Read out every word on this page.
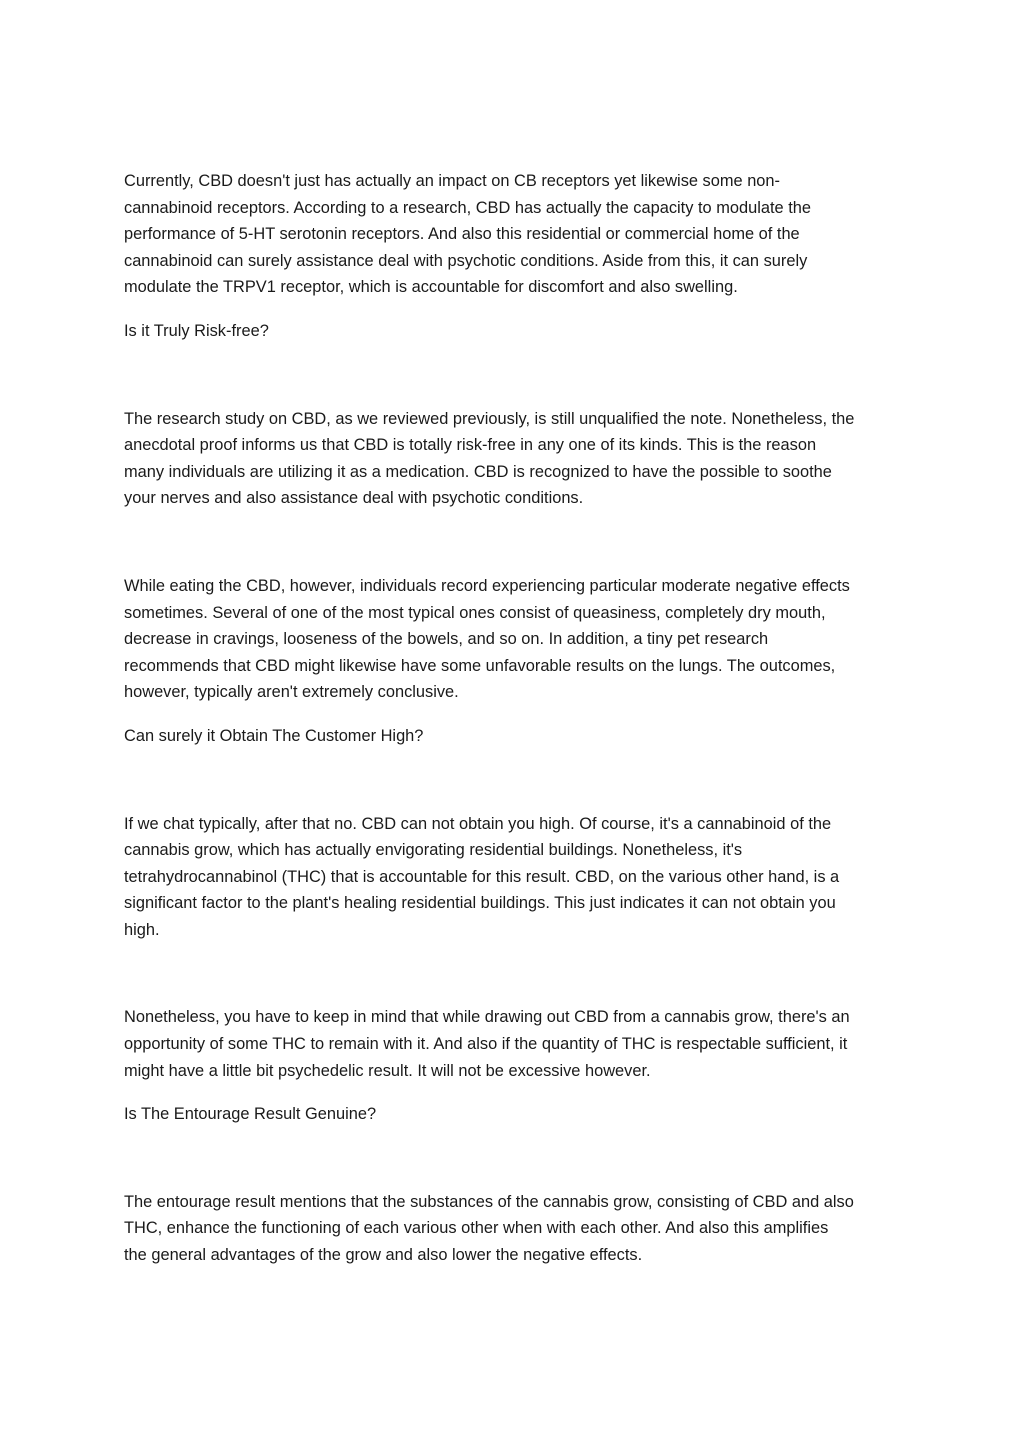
Currently, CBD doesn't just has actually an impact on CB receptors yet likewise some non-
cannabinoid receptors. According to a research, CBD has actually the capacity to modulate the
performance of 5-HT serotonin receptors. And also this residential or commercial home of the
cannabinoid can surely assistance deal with psychotic conditions. Aside from this, it can surely
modulate the TRPV1 receptor, which is accountable for discomfort and also swelling.

Is it Truly Risk-free?

The research study on CBD, as we reviewed previously, is still unqualified the note. Nonetheless, the
anecdotal proof informs us that CBD is totally risk-free in any one of its kinds. This is the reason
many individuals are utilizing it as a medication. CBD is recognized to have the possible to soothe
your nerves and also assistance deal with psychotic conditions.

While eating the CBD, however, individuals record experiencing particular moderate negative effects
sometimes. Several of one of the most typical ones consist of queasiness, completely dry mouth,
decrease in cravings, looseness of the bowels, and so on. In addition, a tiny pet research
recommends that CBD might likewise have some unfavorable results on the lungs. The outcomes,
however, typically aren't extremely conclusive.

Can surely it Obtain The Customer High?

If we chat typically, after that no. CBD can not obtain you high. Of course, it's a cannabinoid of the
cannabis grow, which has actually envigorating residential buildings. Nonetheless, it's
tetrahydrocannabinol (THC) that is accountable for this result. CBD, on the various other hand, is a
significant factor to the plant's healing residential buildings. This just indicates it can not obtain you
high.

Nonetheless, you have to keep in mind that while drawing out CBD from a cannabis grow, there's an
opportunity of some THC to remain with it. And also if the quantity of THC is respectable sufficient, it
might have a little bit psychedelic result. It will not be excessive however.

Is The Entourage Result Genuine?

The entourage result mentions that the substances of the cannabis grow, consisting of CBD and also
THC, enhance the functioning of each various other when with each other. And also this amplifies
the general advantages of the grow and also lower the negative effects.
